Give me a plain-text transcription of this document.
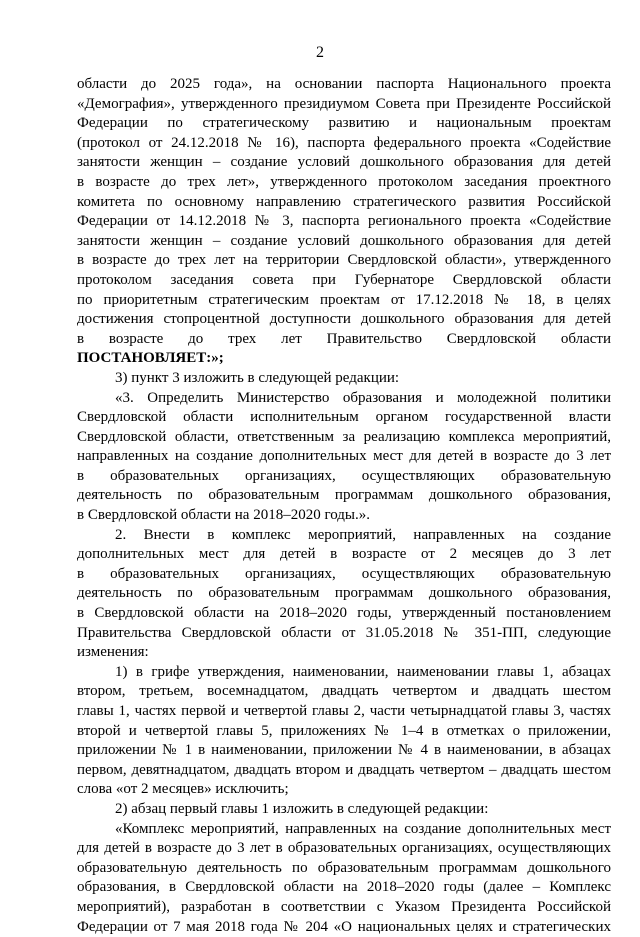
2
области до 2025 года», на основании паспорта Национального проекта
«Демография», утвержденного президиумом Совета при Президенте Российской
Федерации по стратегическому развитию и национальным проектам
(протокол от 24.12.2018 № 16), паспорта федерального проекта «Содействие
занятости женщин – создание условий дошкольного образования для детей
в возрасте до трех лет», утвержденного протоколом заседания проектного
комитета по основному направлению стратегического развития Российской
Федерации от 14.12.2018 № 3, паспорта регионального проекта «Содействие
занятости женщин – создание условий дошкольного образования для детей
в возрасте до трех лет на территории Свердловской области», утвержденного
протоколом заседания совета при Губернаторе Свердловской области
по приоритетным стратегическим проектам от 17.12.2018 № 18, в целях
достижения стопроцентной доступности дошкольного образования для детей
в возрасте до трех лет Правительство Свердловской области
ПОСТАНОВЛЯЕТ:»;
3) пункт 3 изложить в следующей редакции:
«3. Определить Министерство образования и молодежной политики
Свердловской области исполнительным органом государственной власти
Свердловской области, ответственным за реализацию комплекса мероприятий,
направленных на создание дополнительных мест для детей в возрасте до 3 лет
в образовательных организациях, осуществляющих образовательную
деятельность по образовательным программам дошкольного образования,
в Свердловской области на 2018–2020 годы.».
2. Внести в комплекс мероприятий, направленных на создание
дополнительных мест для детей в возрасте от 2 месяцев до 3 лет
в образовательных организациях, осуществляющих образовательную
деятельность по образовательным программам дошкольного образования,
в Свердловской области на 2018–2020 годы, утвержденный постановлением
Правительства Свердловской области от 31.05.2018 № 351-ПП, следующие
изменения:
1) в грифе утверждения, наименовании, наименовании главы 1, абзацах
втором, третьем, восемнадцатом, двадцать четвертом и двадцать шестом
главы 1, частях первой и четвертой главы 2, части четырнадцатой главы 3, частях
второй и четвертой главы 5, приложениях № 1–4 в отметках о приложении,
приложении № 1 в наименовании, приложении № 4 в наименовании, в абзацах
первом, девятнадцатом, двадцать втором и двадцать четвертом – двадцать шестом
слова «от 2 месяцев» исключить;
2) абзац первый главы 1 изложить в следующей редакции:
«Комплекс мероприятий, направленных на создание дополнительных мест
для детей в возрасте до 3 лет в образовательных организациях, осуществляющих
образовательную деятельность по образовательным программам дошкольного
образования, в Свердловской области на 2018–2020 годы (далее – Комплекс
мероприятий), разработан в соответствии с Указом Президента Российской
Федерации от 7 мая 2018 года № 204 «О национальных целях и стратегических
